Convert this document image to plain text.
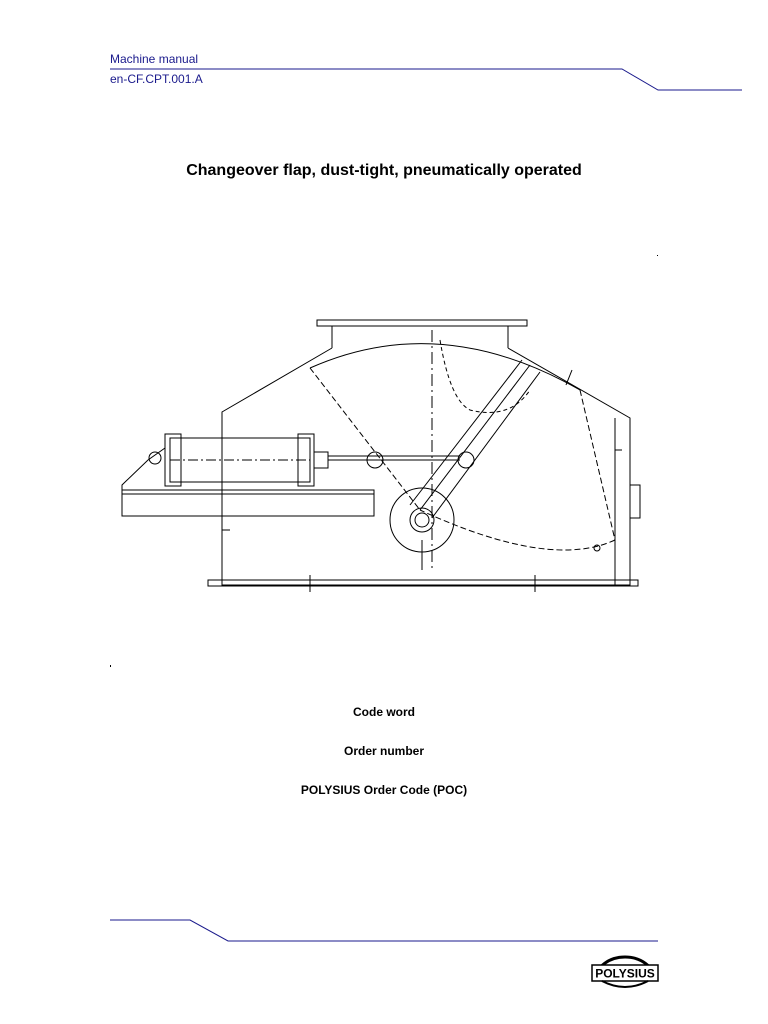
Machine manual
en-CF.CPT.001.A
Changeover flap, dust-tight, pneumatically operated
Code word
Order number
POLYSIUS Order Code (POC)
POLYSIUS
